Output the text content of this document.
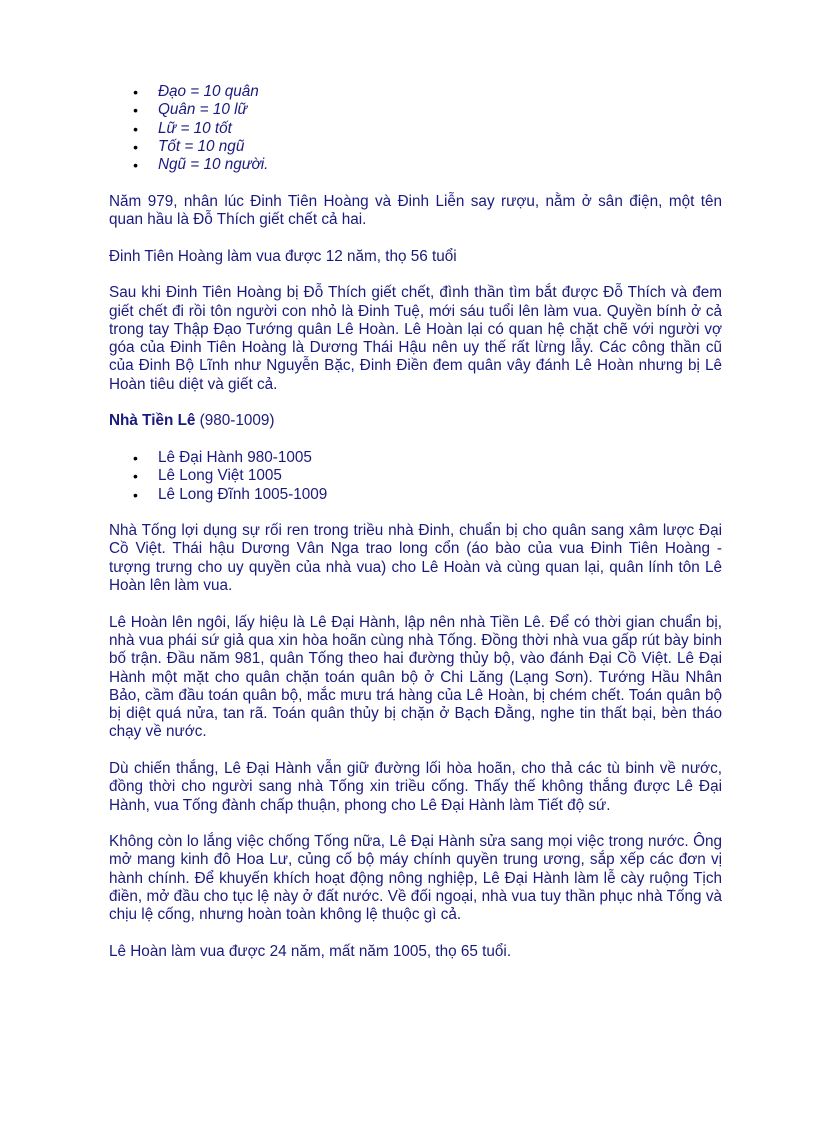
• Đạo = 10 quân
• Quân = 10 lữ
• Lữ = 10 tốt
• Tốt = 10 ngũ
• Ngũ = 10 người.

Năm 979, nhân lúc Đinh Tiên Hoàng và Đinh Liễn say rượu, nằm ở sân điện, một tên quan hầu là Đỗ Thích giết chết cả hai.

Đinh Tiên Hoàng làm vua được 12 năm, thọ 56 tuổi

Sau khi Đinh Tiên Hoàng bị Đỗ Thích giết chết, đình thần tìm bắt được Đỗ Thích và đem giết chết đi rồi tôn người con nhỏ là Đinh Tuệ, mới sáu tuổi lên làm vua. Quyền bính ở cả trong tay Thập Đạo Tướng quân Lê Hoàn. Lê Hoàn lại có quan hệ chặt chẽ với người vợ góa của Đinh Tiên Hoàng là Dương Thái Hậu nên uy thế rất lừng lẫy. Các công thần cũ của Đinh Bộ Lĩnh như Nguyễn Bặc, Đinh Điền đem quân vây đánh Lê Hoàn nhưng bị Lê Hoàn tiêu diệt và giết cả.

Nhà Tiền Lê (980-1009)

• Lê Đại Hành 980-1005
• Lê Long Việt 1005
• Lê Long Đĩnh 1005-1009

Nhà Tống lợi dụng sự rối ren trong triều nhà Đinh, chuẩn bị cho quân sang xâm lược Đại Cồ Việt. Thái hậu Dương Vân Nga trao long cổn (áo bào của vua Đinh Tiên Hoàng - tượng trưng cho uy quyền của nhà vua) cho Lê Hoàn và cùng quan lại, quân lính tôn Lê Hoàn lên làm vua.

Lê Hoàn lên ngôi, lấy hiệu là Lê Đại Hành, lập nên nhà Tiền Lê. Để có thời gian chuẩn bị, nhà vua phái sứ giả qua xin hòa hoãn cùng nhà Tống. Đồng thời nhà vua gấp rút bày binh bố trận. Đầu năm 981, quân Tống theo hai đường thủy bộ, vào đánh Đại Cồ Việt. Lê Đại Hành một mặt cho quân chặn toán quân bộ ở Chi Lăng (Lạng Sơn). Tướng Hầu Nhân Bảo, cầm đầu toán quân bộ, mắc mưu trá hàng của Lê Hoàn, bị chém chết. Toán quân bộ bị diệt quá nửa, tan rã. Toán quân thủy bị chặn ở Bạch Đằng, nghe tin thất bại, bèn tháo chạy về nước.

Dù chiến thắng, Lê Đại Hành vẫn giữ đường lối hòa hoãn, cho thả các tù binh về nước, đồng thời cho người sang nhà Tống xin triều cống. Thấy thế không thắng được Lê Đại Hành, vua Tống đành chấp thuận, phong cho Lê Đại Hành làm Tiết độ sứ.

Không còn lo lắng việc chống Tống nữa, Lê Đại Hành sửa sang mọi việc trong nước. Ông mở mang kinh đô Hoa Lư, củng cố bộ máy chính quyền trung ương, sắp xếp các đơn vị hành chính. Để khuyến khích hoạt động nông nghiệp, Lê Đại Hành làm lễ cày ruộng Tịch điền, mở đầu cho tục lệ này ở đất nước. Về đối ngoại, nhà vua tuy thần phục nhà Tống và chịu lệ cống, nhưng hoàn toàn không lệ thuộc gì cả.

Lê Hoàn làm vua được 24 năm, mất năm 1005, thọ 65 tuổi.
